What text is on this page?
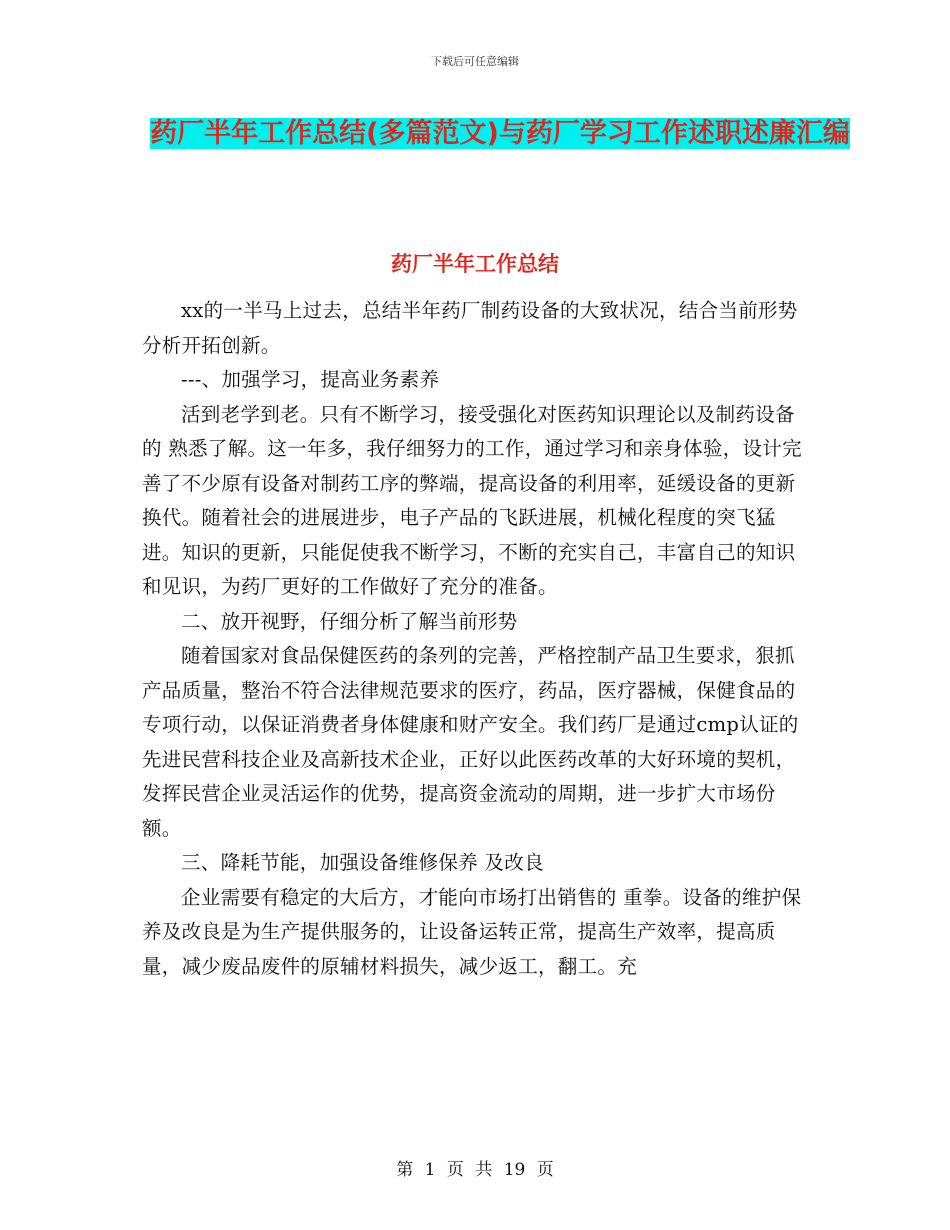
下载后可任意编辑
药厂半年工作总结(多篇范文)与药厂学习工作述职述廉汇编
药厂半年工作总结

xx的一半马上过去，总结半年药厂制药设备的大致状况，结合当前形势分析开拓创新。

---、加强学习，提高业务素养

活到老学到老。只有不断学习，接受强化对医药知识理论以及制药设备的 熟悉了解。这一年多，我仔细努力的工作，通过学习和亲身体验，设计完善了不少原有设备对制药工序的弊端，提高设备的利用率，延缓设备的更新换代。随着社会的进展进步，电子产品的飞跃进展，机械化程度的突飞猛进。知识的更新，只能促使我不断学习，不断的充实自己，丰富自己的知识和见识，为药厂更好的工作做好了充分的准备。

二、放开视野，仔细分析了解当前形势

随着国家对食品保健医药的条列的完善，严格控制产品卫生要求，狠抓产品质量，整治不符合法律规范要求的医疗，药品，医疗器械，保健食品的专项行动，以保证消费者身体健康和财产安全。我们药厂是通过cmp认证的先进民营科技企业及高新技术企业，正好以此医药改革的大好环境的契机，发挥民营企业灵活运作的优势，提高资金流动的周期，进一步扩大市场份额。

三、降耗节能，加强设备维修保养 及改良

企业需要有稳定的大后方，才能向市场打出销售的 重拳。设备的维护保养及改良是为生产提供服务的，让设备运转正常，提高生产效率，提高质量，减少废品废件的原辅材料损失，减少返工，翻工。充

第 1 页 共 19 页
